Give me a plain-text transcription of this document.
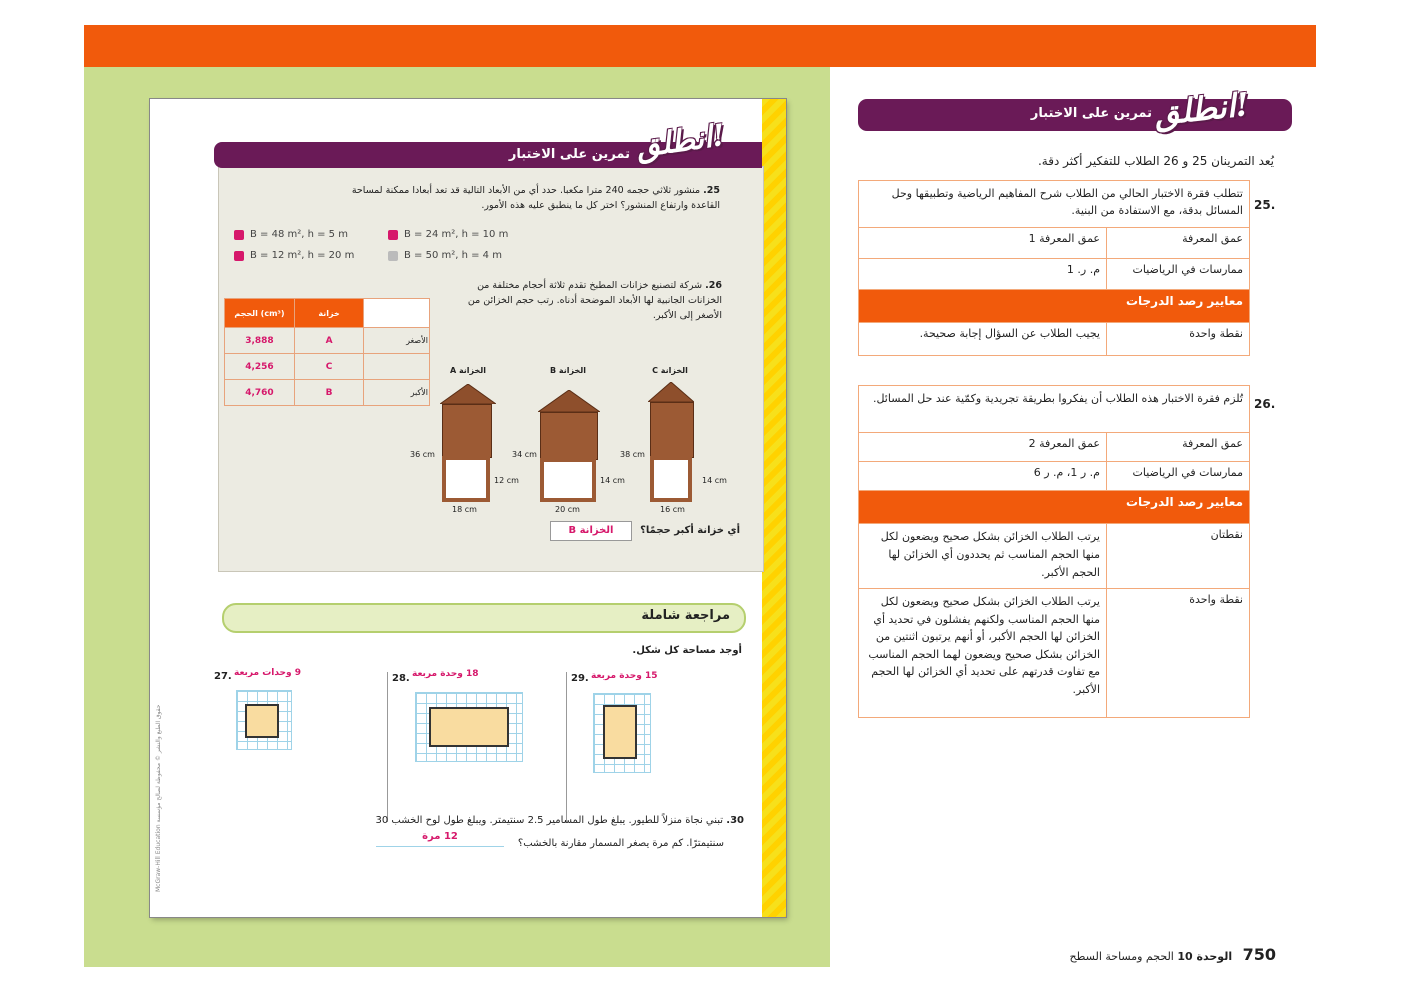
تمرين على الاختبار انطلق!
25. منشور ثلاثي حجمه 240 مترا مكعبا. حدد أي من الأبعاد التالية قد تعد أبعادا ممكنة لمساحة القاعدة وارتفاع المنشور؟ اختر كل ما ينطبق عليه هذه الأمور.
B = 24 m², h = 10 m
B = 48 m², h = 5 m
B = 50 m², h = 4 m
B = 12 m², h = 20 m
26. شركة لتصنيع خزانات المطبخ تقدم ثلاثة أحجام مختلفة من الخزانات الجانبية لها الأبعاد الموضحة أدناه. رتب حجم الخزائن من الأصغر إلى الأكبر.
الحجم (cm³)	خزانة	
3,888	A	الأصغر
4,256	C	
4,760	B	الأكبر
الخزانة A	الخزانة B	الخزانة C
36 cm
12 cm
18 cm
34 cm
14 cm
20 cm
38 cm
14 cm
16 cm
أي خزانة أكبر حجمًا؟
الخزانة B
مراجعة شاملة
أوجد مساحة كل شكل.
27. 9 وحدات مربعة	28. 18 وحدة مربعة	29. 15 وحدة مربعة
30. تبني نجاة منزلاً للطيور. يبلغ طول المسامير 2.5 سنتيمتر. ويبلغ طول لوح الخشب 30
سنتيمترًا. كم مرة يصغر المسمار مقارنة بالخشب؟
12 مرة
McGraw-Hill Education حقوق الطبع والنشر © محفوظة لصالح مؤسسة
تمرين على الاختبار انطلق!
يُعد التمرينان 25 و 26 الطلاب للتفكير أكثر دقة.
25.
تتطلب فقرة الاختبار الحالي من الطلاب شرح المفاهيم الرياضية وتطبيقها وحل المسائل بدقة، مع الاستفادة من البنية.	
عمق المعرفة	عمق المعرفة 1
ممارسات في الرياضيات	م. ر. 1
معايير رصد الدرجات	
نقطة واحدة	يجيب الطلاب عن السؤال إجابة صحيحة.
26.
تُلزم فقرة الاختبار هذه الطلاب أن يفكروا بطريقة تجريدية وكمّية عند حل المسائل.	
عمق المعرفة	عمق المعرفة 2
ممارسات في الرياضيات	م. ر 1، م. ر 6
معايير رصد الدرجات	
نقطتان	يرتب الطلاب الخزائن بشكل صحيح ويضعون لكل منها الحجم المناسب ثم يحددون أي الخزائن لها الحجم الأكبر.
نقطة واحدة	يرتب الطلاب الخزائن بشكل صحيح ويضعون لكل منها الحجم المناسب ولكنهم يفشلون في تحديد أي الخزائن لها الحجم الأكبر، أو أنهم يرتبون اثنتين من الخزائن بشكل صحيح ويضعون لهما الحجم المناسب مع تفاوت قدرتهم على تحديد أي الخزائن لها الحجم الأكبر.
750   الوحدة 10 الحجم ومساحة السطح
